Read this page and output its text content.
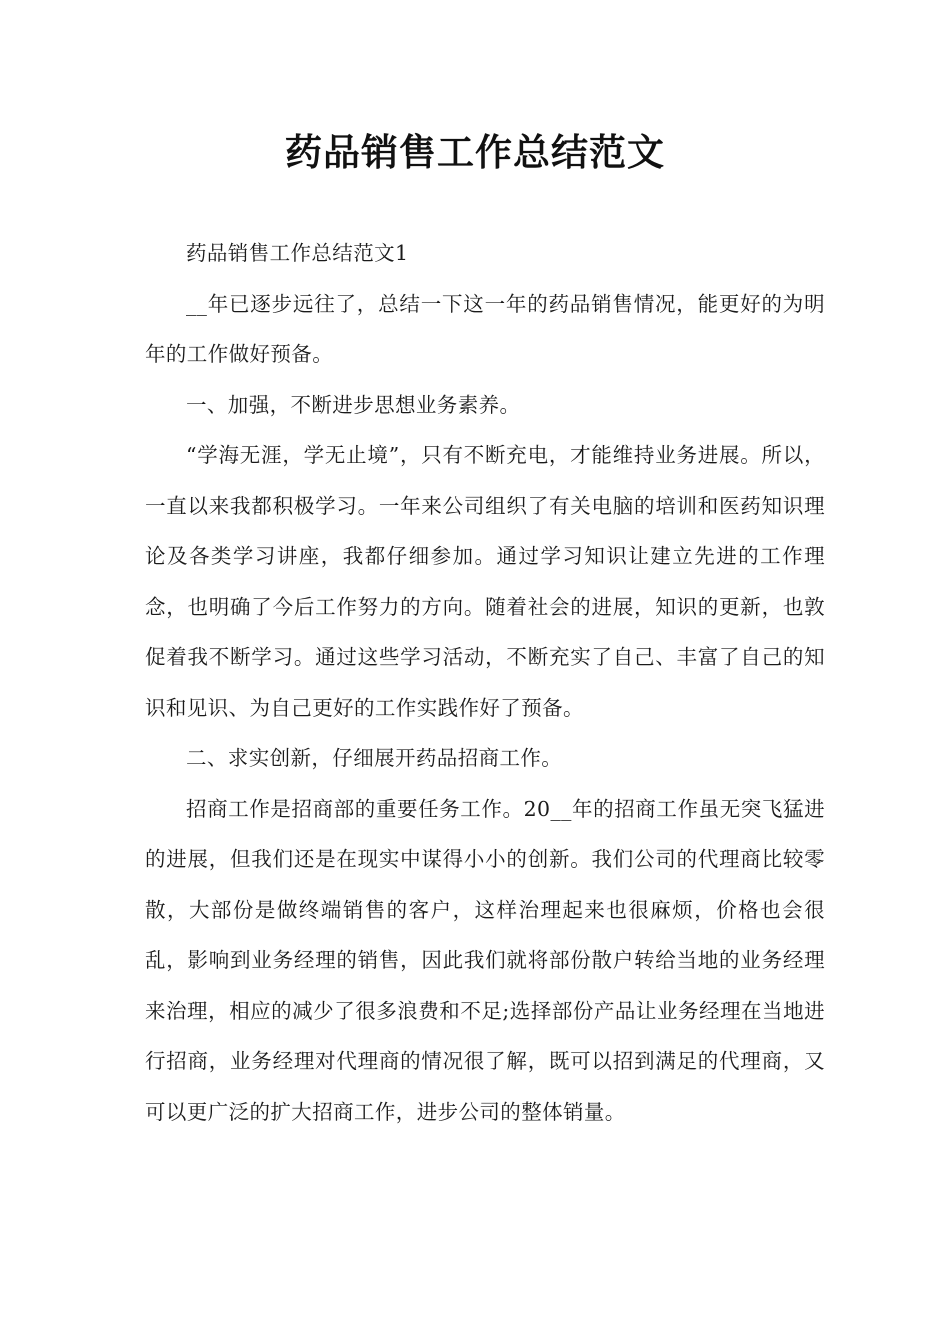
药品销售工作总结范文

药品销售工作总结范文1

__年已逐步远往了，总结一下这一年的药品销售情况，能更好的为明年的工作做好预备。

一、加强，不断进步思想业务素养。

“学海无涯，学无止境”，只有不断充电，才能维持业务进展。所以，一直以来我都积极学习。一年来公司组织了有关电脑的培训和医药知识理论及各类学习讲座，我都仔细参加。通过学习知识让建立先进的工作理念，也明确了今后工作努力的方向。随着社会的进展，知识的更新，也敦促着我不断学习。通过这些学习活动，不断充实了自己、丰富了自己的知识和见识、为自己更好的工作实践作好了预备。

二、求实创新，仔细展开药品招商工作。

招商工作是招商部的重要任务工作。20__年的招商工作虽无突飞猛进的进展，但我们还是在现实中谋得小小的创新。我们公司的代理商比较零散，大部份是做终端销售的客户，这样治理起来也很麻烦，价格也会很乱，影响到业务经理的销售，因此我们就将部份散户转给当地的业务经理来治理，相应的减少了很多浪费和不足;选择部份产品让业务经理在当地进行招商，业务经理对代理商的情况很了解，既可以招到满足的代理商，又可以更广泛的扩大招商工作，进步公司的整体销量。
